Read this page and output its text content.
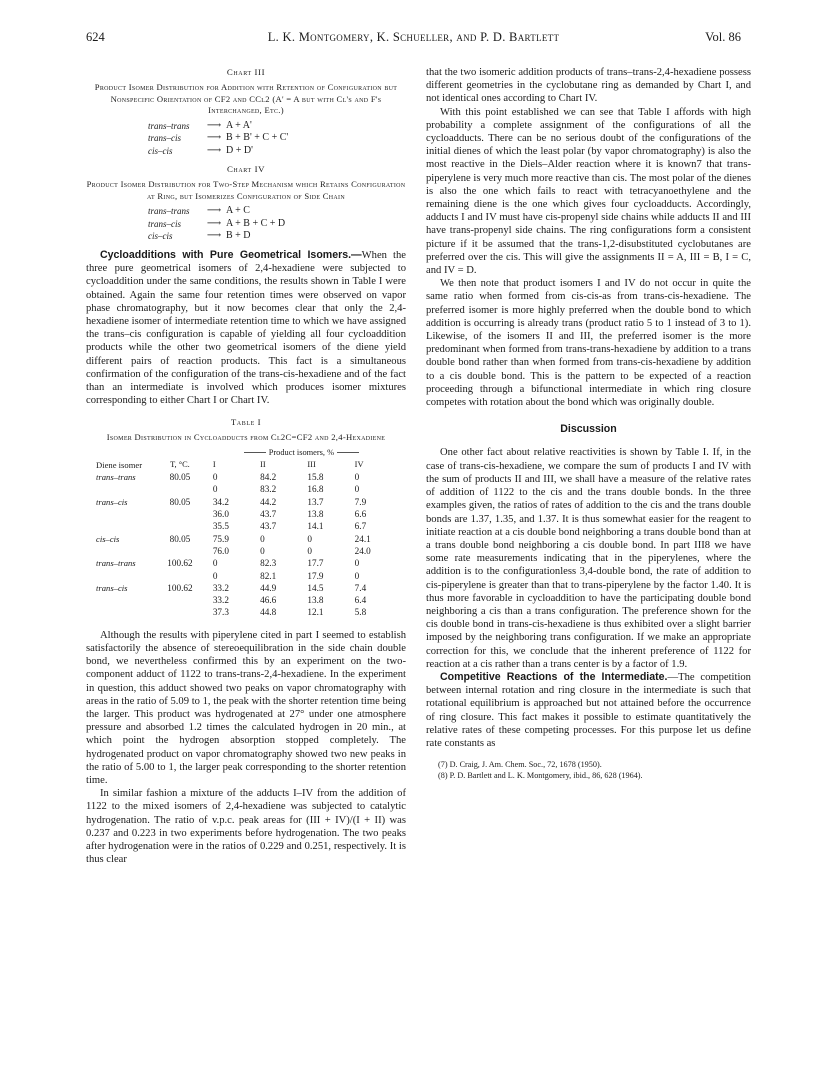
624	L. K. Montgomery, K. Schueller, and P. D. Bartlett	Vol. 86
Chart III
Product Isomer Distribution for Addition with Retention of Configuration but Nonspecific Orientation of CF2 and CCl2 (A' = A but with Cl's and F's Interchanged, Etc.)
trans–trans	⟶ A + A'
trans–cis	⟶ B + B' + C + C'
cis–cis	⟶ D + D'
Chart IV
Product Isomer Distribution for Two-Step Mechanism which Retains Configuration at Ring, but Isomerizes Configuration of Side Chain
trans–trans	⟶ A + C
trans–cis	⟶ A + B + C + D
cis–cis	⟶ B + D

Cycloadditions with Pure Geometrical Isomers.—When the three pure geometrical isomers of 2,4-hexadiene were subjected to cycloaddition under the same conditions, the results shown in Table I were obtained. Again the same four retention times were observed on vapor phase chromatography, but it now becomes clear that only the 2,4-hexadiene isomer of intermediate retention time to which we have assigned the trans–cis configuration is capable of yielding all four cycloaddition products while the other two geometrical isomers of the diene yield different pairs of reaction products. This fact is a simultaneous confirmation of the configuration of the trans-cis-hexadiene and of the fact than an intermediate is involved which produces isomer mixtures corresponding to either Chart I or Chart IV.

Table I
Isomer Distribution in Cycloadducts from Cl2C=CF2 and 2,4-Hexadiene

		Product isomers, %			

Diene isomer	T, °C.	I	II	III	IV
trans–trans	80.05	0	84.2	15.8	0
		0	83.2	16.8	0
trans–cis	80.05	34.2	44.2	13.7	7.9
		36.0	43.7	13.8	6.6
		35.5	43.7	14.1	6.7
cis–cis	80.05	75.9	0	0	24.1
		76.0	0	0	24.0
trans–trans	100.62	0	82.3	17.7	0
		0	82.1	17.9	0
trans–cis	100.62	33.2	44.9	14.5	7.4
		33.2	46.6	13.8	6.4
		37.3	44.8	12.1	5.8

Although the results with piperylene cited in part I seemed to establish satisfactorily the absence of stereoequilibration in the side chain double bond, we nevertheless confirmed this by an experiment on the two-component adduct of 1122 to trans-trans-2,4-hexadiene. In the experiment in question, this adduct showed two peaks on vapor chromatography with areas in the ratio of 5.09 to 1, the peak with the shorter retention time being the larger. This product was hydrogenated at 27° under one atmosphere pressure and absorbed 1.2 times the calculated hydrogen in 20 min., at which point the hydrogen absorption stopped completely. The hydrogenated product on vapor chromatography showed two new peaks in the ratio of 5.00 to 1, the larger peak corresponding to the shorter retention time.

In similar fashion a mixture of the adducts I–IV from the addition of 1122 to the mixed isomers of 2,4-hexadiene was subjected to catalytic hydrogenation. The ratio of v.p.c. peak areas for (III + IV)/(I + II) was 0.237 and 0.223 in two experiments before hydrogenation. The two peaks after hydrogenation were in the ratios of 0.229 and 0.251, respectively. It is thus clear

that the two isomeric addition products of trans–trans-2,4-hexadiene possess different geometries in the cyclobutane ring as demanded by Chart I, and not identical ones according to Chart IV.

With this point established we can see that Table I affords with high probability a complete assignment of the configurations of all the cycloadducts. There can be no serious doubt of the configurations of the initial dienes of which the least polar (by vapor chromatography) is also the most reactive in the Diels–Alder reaction where it is known7 that trans-piperylene is very much more reactive than cis. The most polar of the dienes is also the one which fails to react with tetracyanoethylene and the remaining diene is the one which gives four cycloadducts. Accordingly, adducts I and IV must have cis-propenyl side chains while adducts II and III have trans-propenyl side chains. The ring configurations form a consistent picture if it be assumed that the trans-1,2-disubstituted cyclobutanes are preferred over the cis. This will give the assignments II = A, III = B, I = C, and IV = D.

We then note that product isomers I and IV do not occur in quite the same ratio when formed from cis-cis-as from trans-cis-hexadiene. The preferred isomer is more highly preferred when the double bond to which addition is occurring is already trans (product ratio 5 to 1 instead of 3 to 1). Likewise, of the isomers II and III, the preferred isomer is the more predominant when formed from trans-trans-hexadiene by addition to a trans double bond rather than when formed from trans-cis-hexadiene by addition to a cis double bond. This is the pattern to be expected of a reaction proceeding through a bifunctional intermediate in which ring closure competes with rotation about the bond which was originally double.

Discussion

One other fact about relative reactivities is shown by Table I. If, in the case of trans-cis-hexadiene, we compare the sum of products I and IV with the sum of products II and III, we shall have a measure of the relative rates of addition of 1122 to the cis and the trans double bonds. In the three examples given, the ratios of rates of addition to the cis and the trans double bonds are 1.37, 1.35, and 1.37. It is thus somewhat easier for the reagent to initiate reaction at a cis double bond neighboring a trans double bond than at a trans double bond neighboring a cis double bond. In part III8 we have some rate measurements indicating that in the piperylenes, where the addition is to the configurationless 3,4-double bond, the rate of addition to cis-piperylene is greater than that to trans-piperylene by the factor 1.40. It is thus more favorable in cycloaddition to have the participating double bond neighboring a cis than a trans configuration. The preference shown for the cis double bond in trans-cis-hexadiene is thus exhibited over a slight barrier imposed by the neighboring trans configuration. If we make an appropriate correction for this, we conclude that the inherent preference of 1122 for reaction at a cis rather than a trans center is by a factor of 1.9.

Competitive Reactions of the Intermediate.—The competition between internal rotation and ring closure in the intermediate is such that rotational equilibrium is approached but not attained before the occurrence of ring closure. This fact makes it possible to estimate quantitatively the relative rates of these competing processes. For this purpose let us define rate constants as

(7) D. Craig, J. Am. Chem. Soc., 72, 1678 (1950).
(8) P. D. Bartlett and L. K. Montgomery, ibid., 86, 628 (1964).
